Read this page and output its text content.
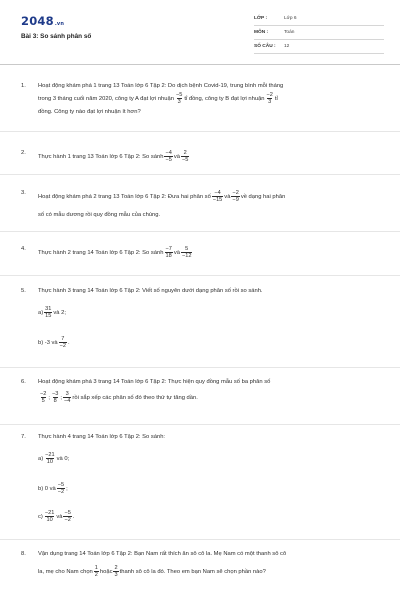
2048.vn
Bài 3: So sánh phân số
LỚP :	Lớp 6
MÔN :	Toán
SỐ CÂU : 12
1. Hoạt động khám phá 1 trang 13 Toán lớp 6 Tập 2: Do dịch bệnh Covid-19, trung bình mỗi tháng
trong 3 tháng cuối năm 2020, công ty A đạt lợi nhuận $\frac{-5}{3}$ tỉ đồng, công ty B đạt lợi nhuận $\frac{-2}{3}$ tỉ
đồng. Công ty nào đạt lợi nhuận ít hơn?
2.
Thực hành 1 trang 13 Toán lớp 6 Tập 2: So sánh $\frac{-4}{-5}$ và $\frac{2}{-5}$
3.
Hoạt động khám phá 2 trang 13 Toán lớp 6 Tập 2: Đưa hai phân số $\frac{-4}{-15}$ và $\frac{-2}{-9}$ về dạng hai phân
số có mẫu dương rồi quy đồng mẫu của chúng.
4.
Thực hành 2 trang 14 Toán lớp 6 Tập 2: So sánh $\frac{-7}{18}$ và $\frac{5}{-12}$
5. Thực hành 3 trang 14 Toán lớp 6 Tập 2: Viết số nguyên dưới dạng phân số rồi so sánh.
$a) \frac{31}{15}$ và 2;
b) -3 và $\frac{7}{-2}$ .
6. Hoạt động khám phá 3 trang 14 Toán lớp 6 Tập 2: Thực hiện quy đồng mẫu số ba phân số
$\frac{-2}{5}$ ; $\frac{-3}{8}$ ; $\frac{3}{-4}$ rồi sắp xếp các phân số đó theo thứ tự tăng dần.
7. Thực hành 4 trang 14 Toán lớp 6 Tập 2: So sánh:
$a) \frac{-21}{10}$ và 0;
b) 0 và $\frac{-5}{-2}$ ;
$c) \frac{-21}{10}$ và $\frac{-5}{-2}$ .
8. Vận dụng trang 14 Toán lớp 6 Tập 2: Bạn Nam rất thích ăn sô cô la. Mẹ Nam có một thanh sô cô
la, mẹ cho Nam chọn $\frac{1}{2}$ hoặc $\frac{2}{3}$ thanh sô cô la đó. Theo em bạn Nam sẽ chọn phần nào?
